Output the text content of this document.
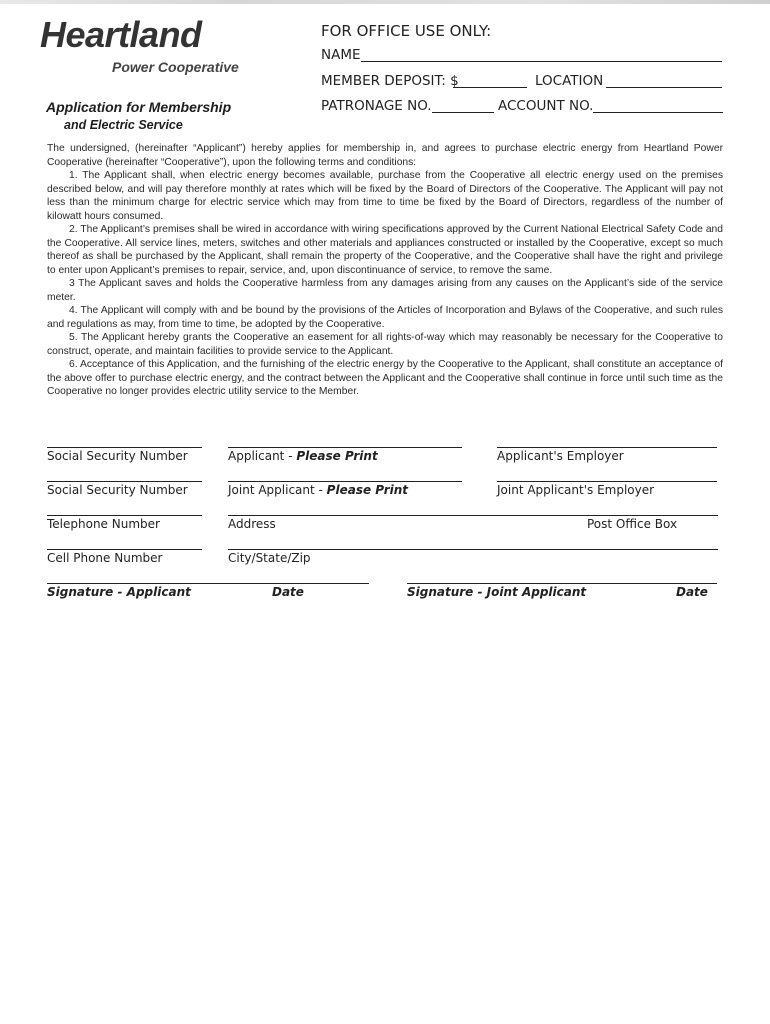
Heartland
Power Cooperative
Application for Membership
and Electric Service
FOR OFFICE USE ONLY:
NAME
MEMBER DEPOSIT: $	LOCATION
PATRONAGE NO.	ACCOUNT NO.

The undersigned, (hereinafter “Applicant”) hereby applies for membership in, and agrees to purchase electric energy from Heartland Power Cooperative (hereinafter “Cooperative”), upon the following terms and conditions:

1. The Applicant shall, when electric energy becomes available, purchase from the Cooperative all electric energy used on the premises described below, and will pay therefore monthly at rates which will be fixed by the Board of Directors of the Cooperative. The Applicant will pay not less than the minimum charge for electric service which may from time to time be fixed by the Board of Directors, regardless of the number of kilowatt hours consumed.

2. The Applicant’s premises shall be wired in accordance with wiring specifications approved by the Current National Electrical Safety Code and the Cooperative. All service lines, meters, switches and other materials and appliances constructed or installed by the Cooperative, except so much thereof as shall be purchased by the Applicant, shall remain the property of the Cooperative, and the Cooperative shall have the right and privilege to enter upon Applicant’s premises to repair, service, and, upon discontinuance of service, to remove the same.

3 The Applicant saves and holds the Cooperative harmless from any damages arising from any causes on the Applicant’s side of the service meter.

4. The Applicant will comply with and be bound by the provisions of the Articles of Incorporation and Bylaws of the Cooperative, and such rules and regulations as may, from time to time, be adopted by the Cooperative.

5. The Applicant hereby grants the Cooperative an easement for all rights-of-way which may reasonably be necessary for the Cooperative to construct, operate, and maintain facilities to provide service to the Applicant.

6. Acceptance of this Application, and the furnishing of the electric energy by the Cooperative to the Applicant, shall constitute an acceptance of the above offer to purchase electric energy, and the contract between the Applicant and the Cooperative shall continue in force until such time as the Cooperative no longer provides electric utility service to the Member.

Social Security Number	Applicant - Please Print	Applicant's Employer
Social Security Number	Joint Applicant - Please Print	Joint Applicant's Employer
Telephone Number	Address	Post Office Box
Cell Phone Number	City/State/Zip
Signature - Applicant	Date	Signature - Joint Applicant	Date
